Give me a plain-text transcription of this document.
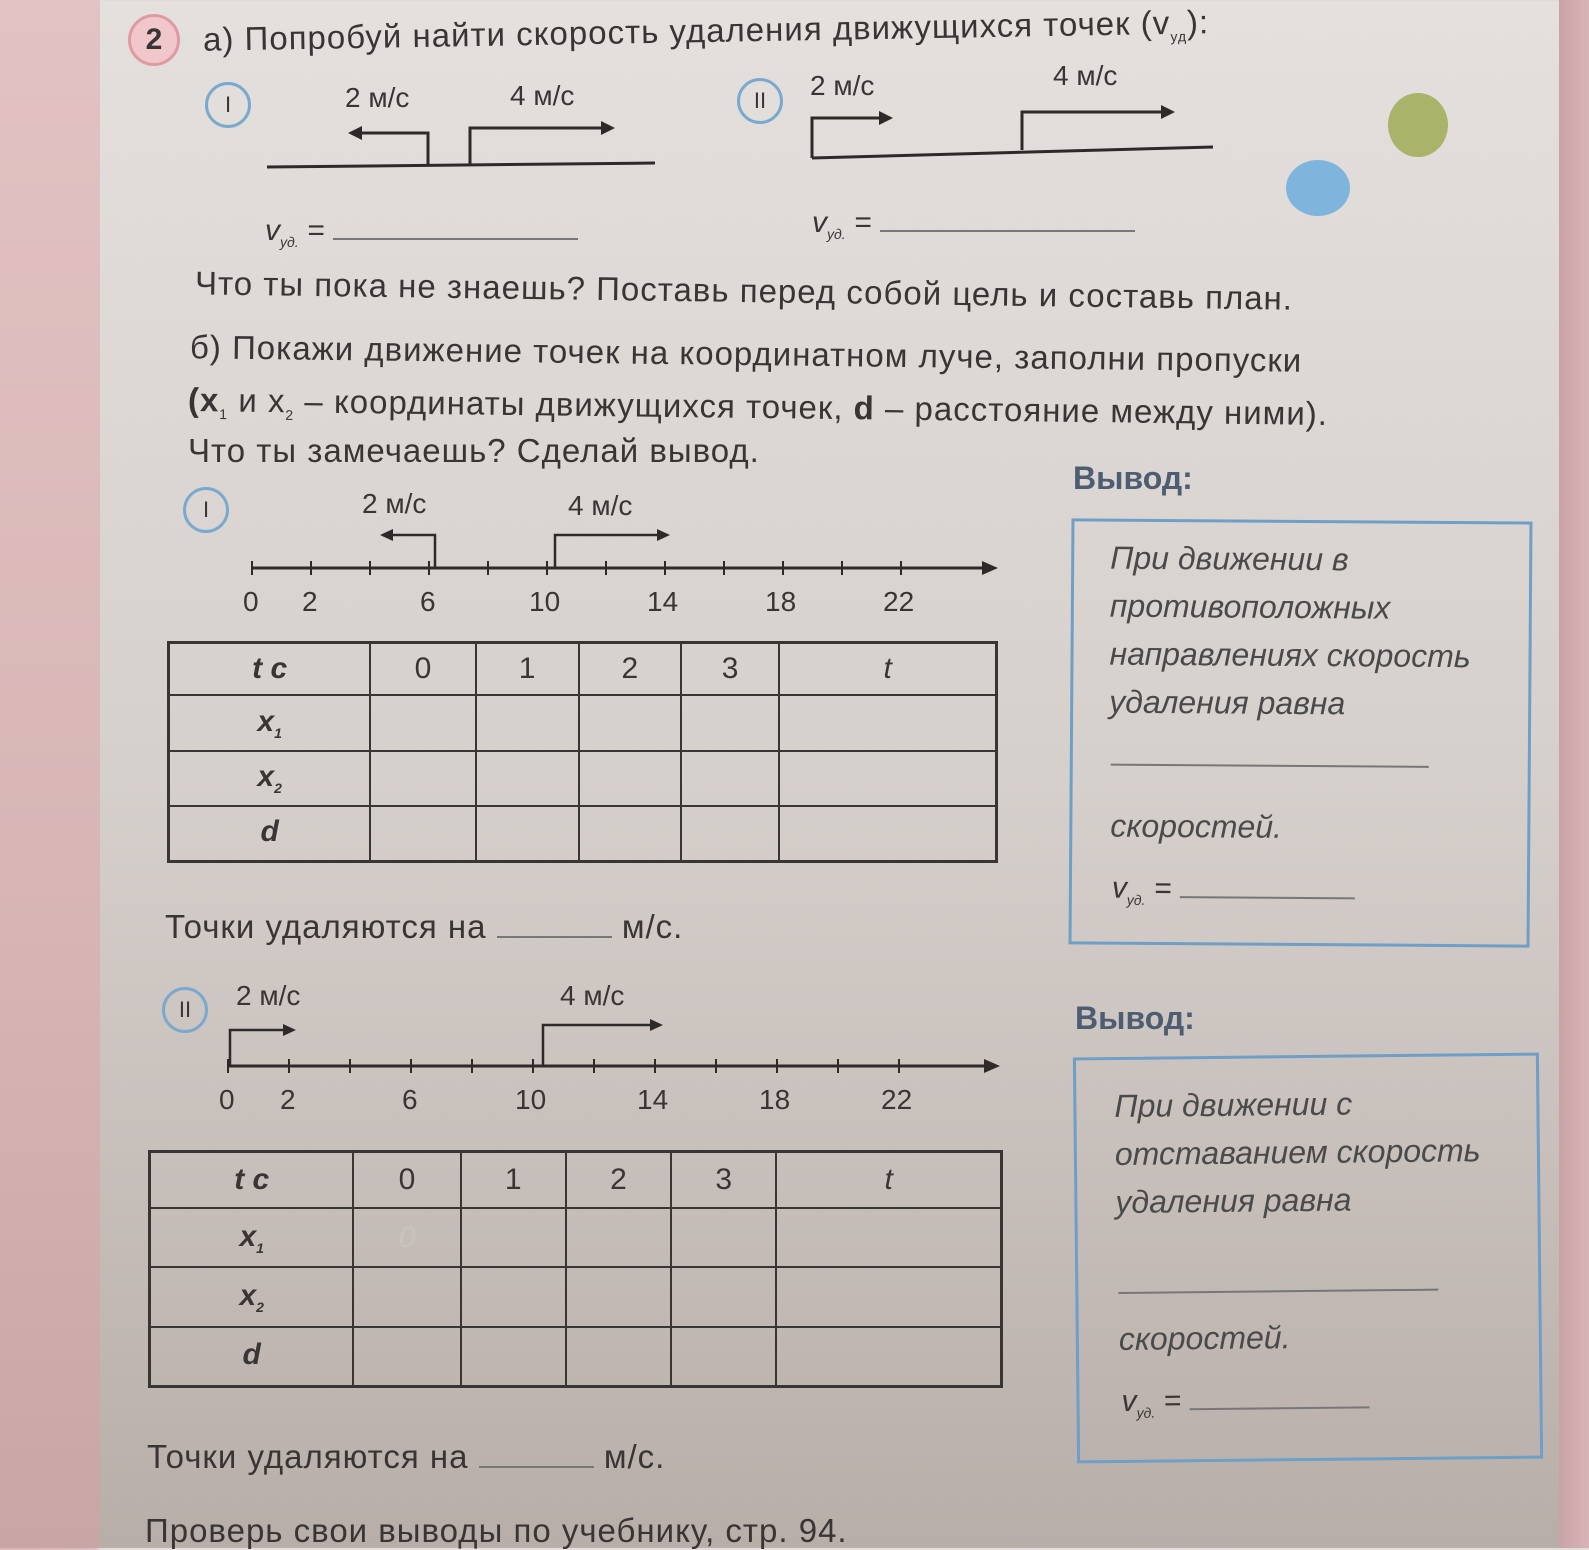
2	а) Попробуй найти скорость удаления движущихся точек $(v_{уд})$:
I	2 м/с	4 м/с	II	2 м/с	4 м/с
$v_{уд.}$ =	$v_{уд.}$ =
Что ты пока не знаешь? Поставь перед собой цель и составь план.
б) Покажи движение точек на координатном луче, заполни пропуски
($x_1$ и $x_2$ – координаты движущихся точек, d – расстояние между ними).
Что ты замечаешь? Сделай вывод.
I	2 м/с	4 м/с
0 2	6	10	14	18	22
t c	0	1	2	3	t
$x_1$					
$x_2$					
d					
Точки удаляются на	м/с.
Вывод:
При движении в
противоположных
направлениях скорость
удаления равна
скоростей.
$v_{уд.}$ =
II	2 м/с	4 м/с
0 2	6	10	14	18	22
t c	0	1	2	3	t
$x_1$	0				
$x_2$					
d					
Точки удаляются на	м/с.
Вывод:
При движении с
отставанием скорость
удаления равна
скоростей.
$v_{уд.}$ =
Проверь свои выводы по учебнику, стр. 94.
